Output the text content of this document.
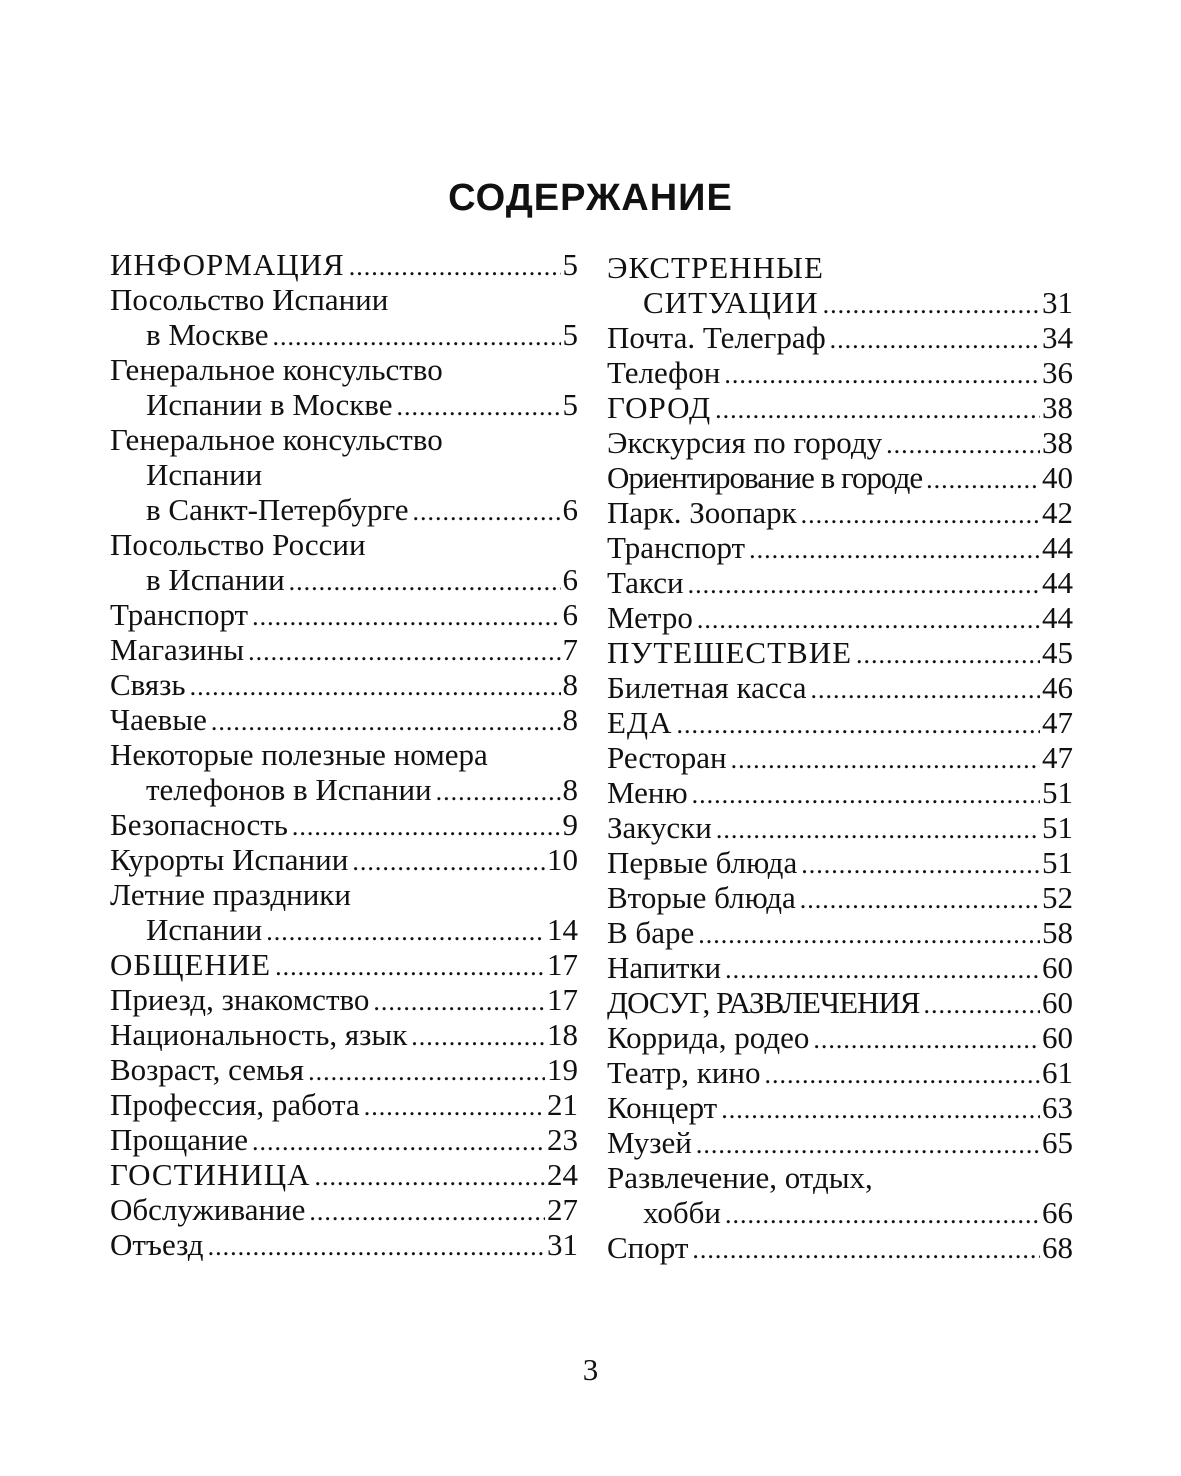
СОДЕРЖАНИЕ
ИНФОРМАЦИЯ .....	5
Посольство Испании
в Москве .....	5
Генеральное консульство
Испании в Москве .....	5
Генеральное консульство
Испании
в Санкт-Петербурге .....	6
Посольство России
в Испании .....	6
Транспорт .....	6
Магазины .....	7
Связь .....	8
Чаевые .....	8
Некоторые полезные номера
телефонов в Испании .....	8
Безопасность .....	9
Курорты Испании .....	10
Летние праздники
Испании .....	14
ОБЩЕНИЕ .....	17
Приезд, знакомство .....	17
Национальность, язык .....	18
Возраст, семья .....	19
Профессия, работа .....	21
Прощание .....	23
ГОСТИНИЦА .....	24
Обслуживание .....	27
Отъезд .....	31
ЭКСТРЕННЫЕ
СИТУАЦИИ .....	31
Почта. Телеграф .....	34
Телефон .....	36
ГОРОД .....	38
Экскурсия по городу .....	38
Ориентирование в городе .....	40
Парк. Зоопарк .....	42
Транспорт .....	44
Такси .....	44
Метро .....	44
ПУТЕШЕСТВИЕ .....	45
Билетная касса .....	46
ЕДА .....	47
Ресторан .....	47
Меню .....	51
Закуски .....	51
Первые блюда .....	51
Вторые блюда .....	52
В баре .....	58
Напитки .....	60
ДОСУГ, РАЗВЛЕЧЕНИЯ .....	60
Коррида, родео .....	60
Театр, кино .....	61
Концерт .....	63
Музей .....	65
Развлечение, отдых,
хобби .....	66
Спорт .....	68
3
